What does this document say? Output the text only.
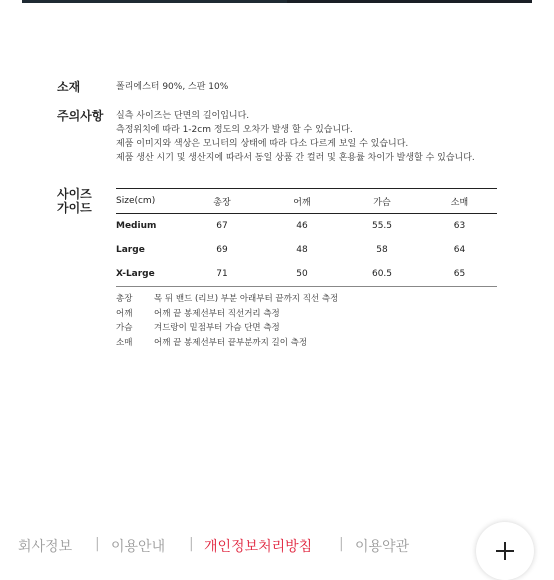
소재	폴리에스터 90%, 스판 10%
주의사항 실측 사이즈는 단면의 길이입니다.
측정위치에 따라 1-2cm 정도의 오차가 발생 할 수 있습니다.
제품 이미지와 색상은 모니터의 상태에 따라 다소 다르게 보일 수 있습니다.
제품 생산 시기 및 생산지에 따라서 동일 상품 간 컬러 및 혼용률 차이가 발생할 수 있습니다.
사이즈
가이드	Size(cm)	총장	어깨	가슴	소매
Medium	67	46	55.5	63
Large	69	48	58	64
X-Large	71	50	60.5	65
총장	목 뒤 밴드 (리브) 부분 아래부터 끝까지 직선 측정
어깨	어깨 끝 봉제선부터 직선거리 측정
가슴	겨드랑이 밑점부터 가슴 단면 측정
소매	어깨 끝 봉제선부터 끝부분까지 길이 측정
회사정보 | 이용안내 | 개인정보처리방침 | 이용약관
